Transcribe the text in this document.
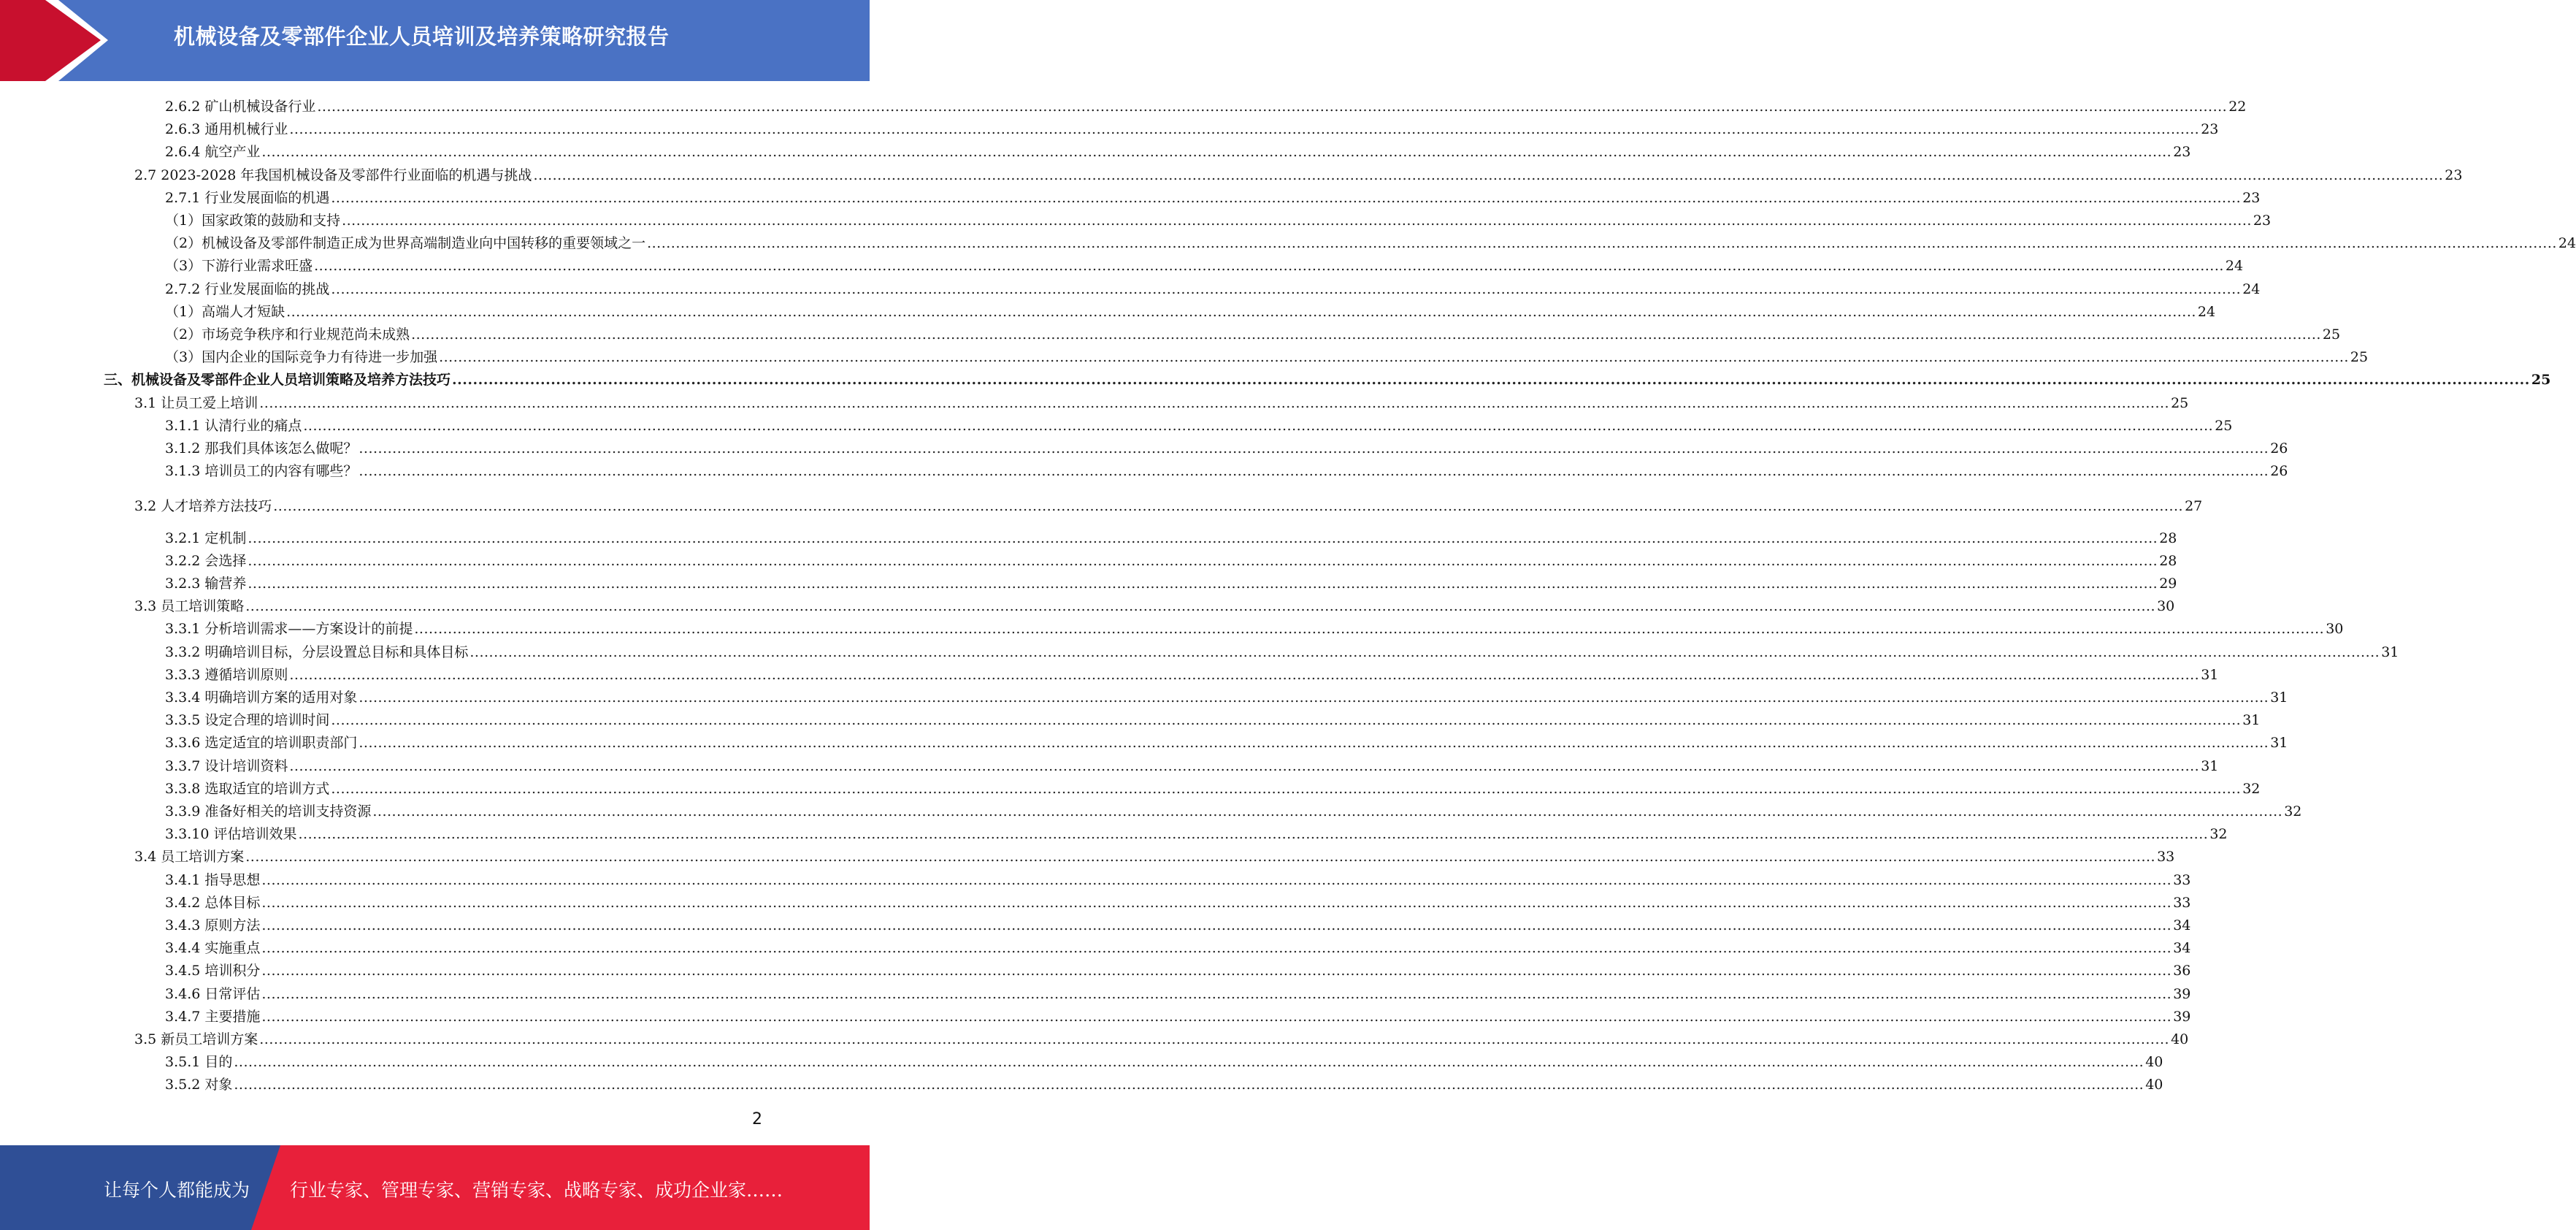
机械设备及零部件企业人员培训及培养策略研究报告
2.6.2 矿山机械设备行业 ................................................................................................................................................................................................................................................................................................................................................................................................................ 22
2.6.3 通用机械行业 ................................................................................................................................................................................................................................................................................................................................................................................................................ 23
2.6.4 航空产业 ................................................................................................................................................................................................................................................................................................................................................................................................................ 23
2.7 2023-2028 年我国机械设备及零部件行业面临的机遇与挑战 ................................................................................................................................................................................................................................................................................................................................................................................................................ 23
2.7.1 行业发展面临的机遇 ................................................................................................................................................................................................................................................................................................................................................................................................................ 23
（1）国家政策的鼓励和支持 ................................................................................................................................................................................................................................................................................................................................................................................................................ 23
（2）机械设备及零部件制造正成为世界高端制造业向中国转移的重要领域之一 ................................................................................................................................................................................................................................................................................................................................................................................................................ 24
（3）下游行业需求旺盛 ................................................................................................................................................................................................................................................................................................................................................................................................................ 24
2.7.2 行业发展面临的挑战 ................................................................................................................................................................................................................................................................................................................................................................................................................ 24
（1）高端人才短缺 ................................................................................................................................................................................................................................................................................................................................................................................................................ 24
（2）市场竞争秩序和行业规范尚未成熟 ................................................................................................................................................................................................................................................................................................................................................................................................................ 25
（3）国内企业的国际竞争力有待进一步加强 ................................................................................................................................................................................................................................................................................................................................................................................................................ 25
三、机械设备及零部件企业人员培训策略及培养方法技巧 ................................................................................................................................................................................................................................................................................................................................................................................................................ 25
3.1 让员工爱上培训 ................................................................................................................................................................................................................................................................................................................................................................................................................ 25
3.1.1 认清行业的痛点 ................................................................................................................................................................................................................................................................................................................................................................................................................ 25
3.1.2 那我们具体该怎么做呢？ ................................................................................................................................................................................................................................................................................................................................................................................................................ 26
3.1.3 培训员工的内容有哪些？ ................................................................................................................................................................................................................................................................................................................................................................................................................ 26
3.2 人才培养方法技巧 ................................................................................................................................................................................................................................................................................................................................................................................................................ 27
3.2.1 定机制 ................................................................................................................................................................................................................................................................................................................................................................................................................ 28
3.2.2 会选择 ................................................................................................................................................................................................................................................................................................................................................................................................................ 28
3.2.3 输营养 ................................................................................................................................................................................................................................................................................................................................................................................................................ 29
3.3 员工培训策略 ................................................................................................................................................................................................................................................................................................................................................................................................................ 30
3.3.1 分析培训需求——方案设计的前提 ................................................................................................................................................................................................................................................................................................................................................................................................................ 30
3.3.2 明确培训目标，分层设置总目标和具体目标 ................................................................................................................................................................................................................................................................................................................................................................................................................ 31
3.3.3 遵循培训原则 ................................................................................................................................................................................................................................................................................................................................................................................................................ 31
3.3.4 明确培训方案的适用对象 ................................................................................................................................................................................................................................................................................................................................................................................................................ 31
3.3.5 设定合理的培训时间 ................................................................................................................................................................................................................................................................................................................................................................................................................ 31
3.3.6 选定适宜的培训职责部门 ................................................................................................................................................................................................................................................................................................................................................................................................................ 31
3.3.7 设计培训资料 ................................................................................................................................................................................................................................................................................................................................................................................................................ 31
3.3.8 选取适宜的培训方式 ................................................................................................................................................................................................................................................................................................................................................................................................................ 32
3.3.9 准备好相关的培训支持资源 ................................................................................................................................................................................................................................................................................................................................................................................................................ 32
3.3.10 评估培训效果 ................................................................................................................................................................................................................................................................................................................................................................................................................ 32
3.4 员工培训方案 ................................................................................................................................................................................................................................................................................................................................................................................................................ 33
3.4.1 指导思想 ................................................................................................................................................................................................................................................................................................................................................................................................................ 33
3.4.2 总体目标 ................................................................................................................................................................................................................................................................................................................................................................................................................ 33
3.4.3 原则方法 ................................................................................................................................................................................................................................................................................................................................................................................................................ 34
3.4.4 实施重点 ................................................................................................................................................................................................................................................................................................................................................................................................................ 34
3.4.5 培训积分 ................................................................................................................................................................................................................................................................................................................................................................................................................ 36
3.4.6 日常评估 ................................................................................................................................................................................................................................................................................................................................................................................................................ 39
3.4.7 主要措施 ................................................................................................................................................................................................................................................................................................................................................................................................................ 39
3.5 新员工培训方案 ................................................................................................................................................................................................................................................................................................................................................................................................................ 40
3.5.1 目的 ................................................................................................................................................................................................................................................................................................................................................................................................................ 40
3.5.2 对象 ................................................................................................................................................................................................................................................................................................................................................................................................................ 40
2
让每个人都能成为 行业专家、管理专家、营销专家、战略专家、成功企业家……
